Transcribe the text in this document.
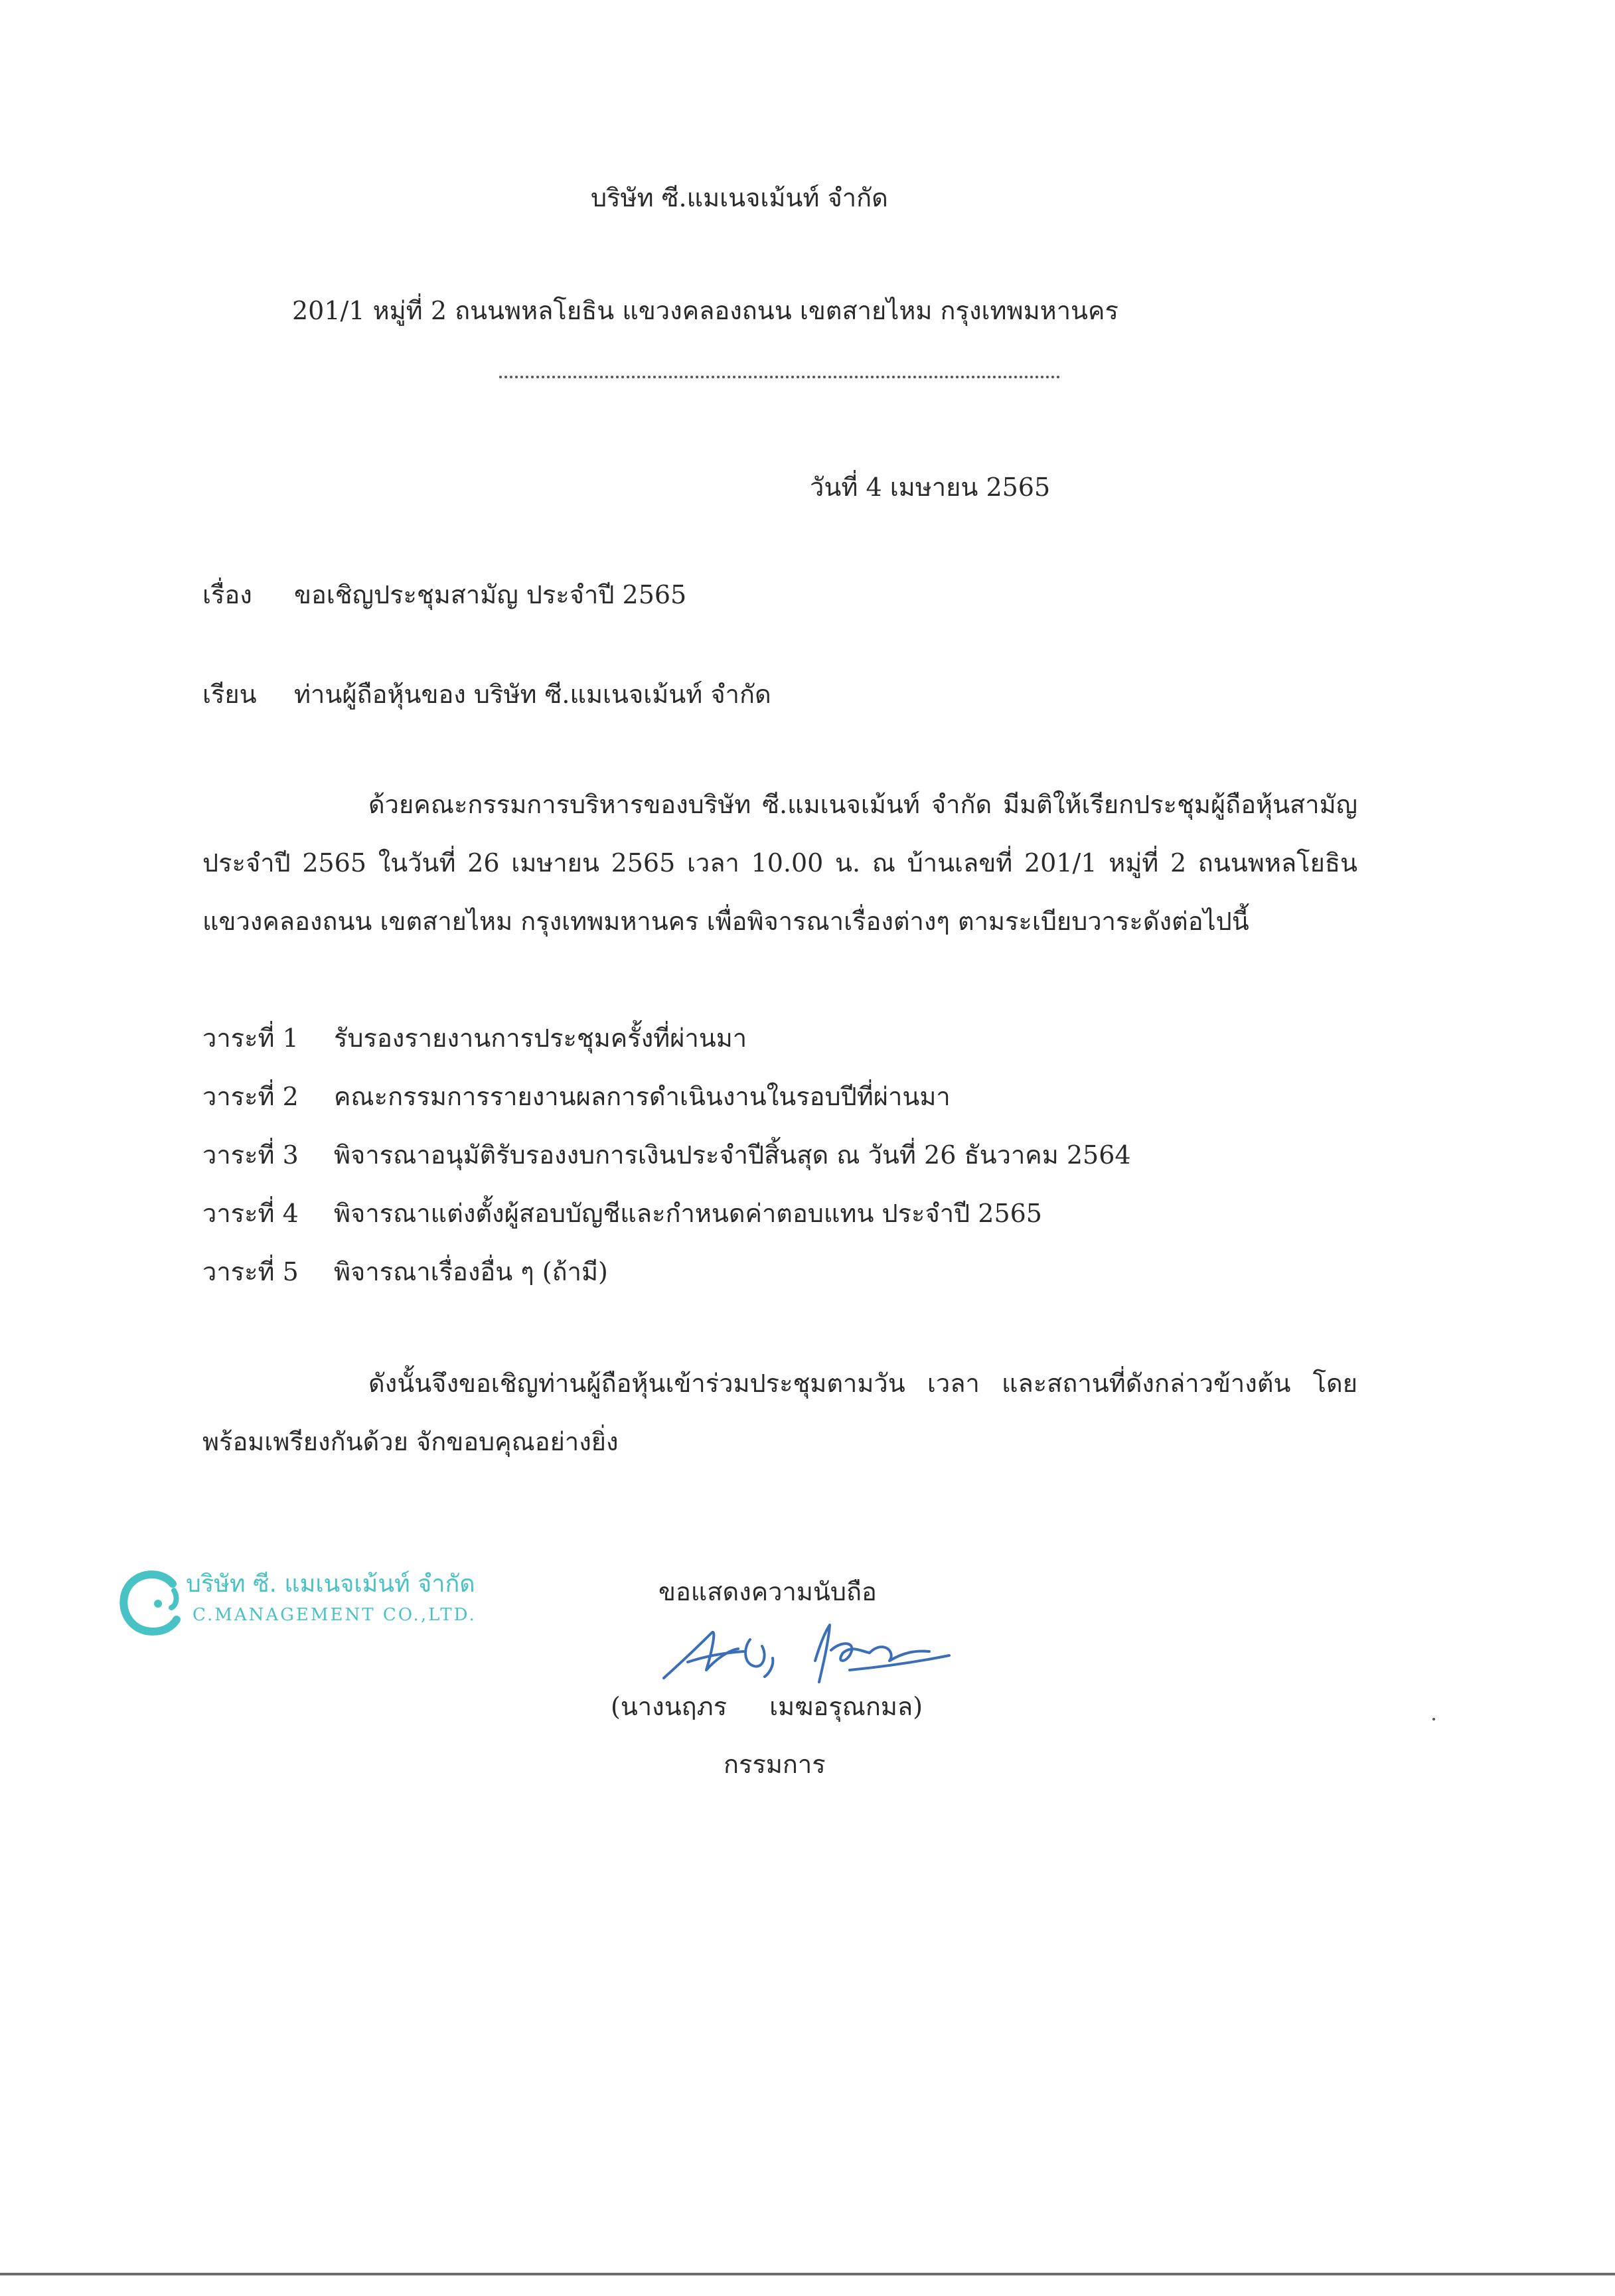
บริษัท ซี.แมเนจเม้นท์ จำกัด
201/1 หมู่ที่ 2 ถนนพหลโยธิน แขวงคลองถนน เขตสายไหม กรุงเทพมหานคร
วันที่ 4 เมษายน 2565
เรื่อง ขอเชิญประชุมสามัญ ประจำปี 2565
เรียน ท่านผู้ถือหุ้นของ บริษัท ซี.แมเนจเม้นท์ จำกัด
ด้วยคณะกรรมการบริหารของบริษัท ซี.แมเนจเม้นท์ จำกัด มีมติให้เรียกประชุมผู้ถือหุ้นสามัญประจำปี 2565 ในวันที่ 26 เมษายน 2565 เวลา 10.00 น. ณ บ้านเลขที่ 201/1 หมู่ที่ 2 ถนนพหลโยธิน แขวงคลองถนน เขตสายไหม กรุงเทพมหานคร เพื่อพิจารณาเรื่องต่างๆ ตามระเบียบวาระดังต่อไปนี้
วาระที่ 1 รับรองรายงานการประชุมครั้งที่ผ่านมา
วาระที่ 2 คณะกรรมการรายงานผลการดำเนินงานในรอบปีที่ผ่านมา
วาระที่ 3 พิจารณาอนุมัติรับรองงบการเงินประจำปีสิ้นสุด ณ วันที่ 26 ธันวาคม 2564
วาระที่ 4 พิจารณาแต่งตั้งผู้สอบบัญชีและกำหนดค่าตอบแทน ประจำปี 2565
วาระที่ 5 พิจารณาเรื่องอื่น ๆ (ถ้ามี)
ดังนั้นจึงขอเชิญท่านผู้ถือหุ้นเข้าร่วมประชุมตามวัน เวลา และสถานที่ดังกล่าวข้างต้น โดยพร้อมเพรียงกันด้วย จักขอบคุณอย่างยิ่ง
บริษัท ซี. แมเนจเม้นท์ จำกัด
C.MANAGEMENT CO.,LTD.
ขอแสดงความนับถือ
(นางนฤภร เมฆอรุณกมล)
กรรมการ
